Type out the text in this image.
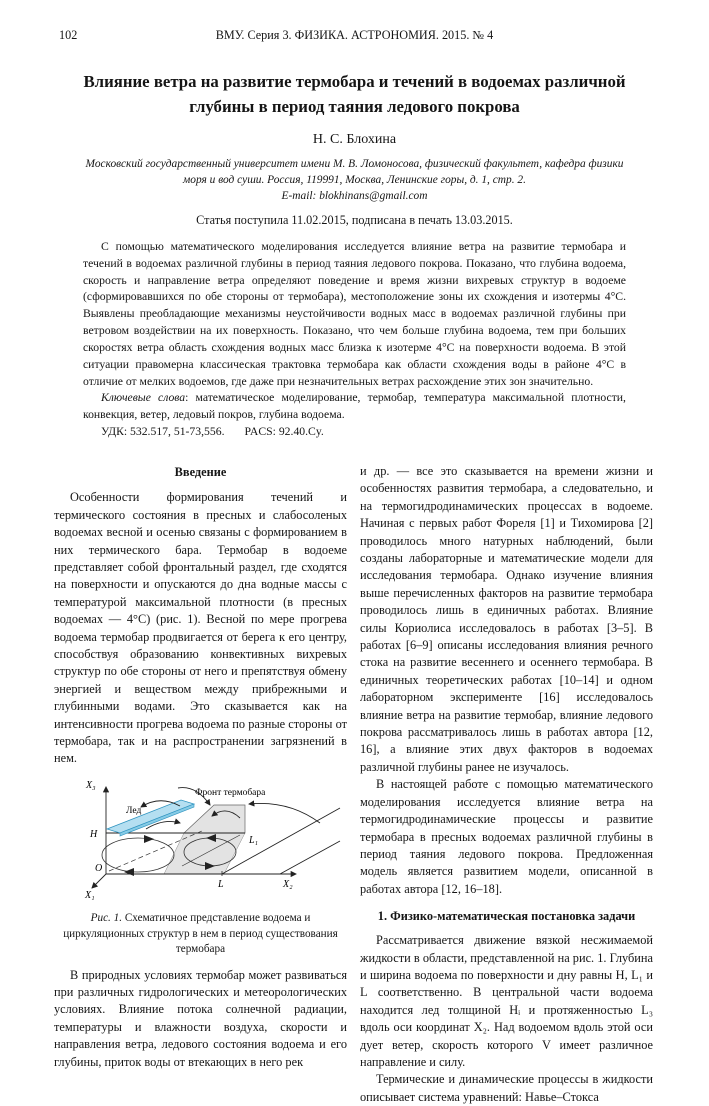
102	ВМУ. Серия 3. ФИЗИКА. АСТРОНОМИЯ. 2015. № 4
Влияние ветра на развитие термобара и течений в водоемах различной глубины в период таяния ледового покрова
Н. С. Блохина
Московский государственный университет имени М. В. Ломоносова, физический факультет, кафедра физики моря и вод суши. Россия, 119991, Москва, Ленинские горы, д. 1, стр. 2.
E-mail: blokhinans@gmail.com
Статья поступила 11.02.2015, подписана в печать 13.03.2015.

С помощью математического моделирования исследуется влияние ветра на развитие термобара и течений в водоемах различной глубины в период таяния ледового покрова. Показано, что глубина водоема, скорость и направление ветра определяют поведение и время жизни вихревых структур в водоеме (сформировавшихся по обе стороны от термобара), местоположение зоны их схождения и изотермы 4°С. Выявлены преобладающие механизмы неустойчивости водных масс в водоемах различной глубины при ветровом воздействии на их поверхность. Показано, что чем больше глубина водоема, тем при больших скоростях ветра область схождения водных масс близка к изотерме 4°С на поверхности водоема. В этой ситуации правомерна классическая трактовка термобара как области схождения воды в районе 4°С в отличие от мелких водоемов, где даже при незначительных ветрах расхождение этих зон значительно.

Ключевые слова: математическое моделирование, термобар, температура максимальной плотности, конвекция, ветер, ледовый покров, глубина водоема.

УДК: 532.517, 51-73,556. PACS: 92.40.Cy.

Введение

Особенности формирования течений и термического состояния в пресных и слабосоленых водоемах весной и осенью связаны с формированием в них термического бара. Термобар в водоеме представляет собой фронтальный раздел, где сходятся на поверхности и опускаются до дна водные массы с температурой максимальной плотности (в пресных водоемах — 4°С) (рис. 1). Весной по мере прогрева водоема термобар продвигается от берега к его центру, способствуя образованию конвективных вихревых структур по обе стороны от него и препятствуя обмену энергией и веществом между прибрежными и глубинными водами. Это сказывается как на интенсивности прогрева водоема по разные стороны от термобара, так и на распространении загрязнений в нем.

X₃
H
O
X₁
L	X₂
L₁
Лед
Фронт термобара
Рис. 1. Схематичное представление водоема и циркуляционных структур в нем в период существования термобара

В природных условиях термобар может развиваться при различных гидрологических и метеорологических условиях. Влияние потока солнечной радиации, температуры и влажности воздуха, скорости и направления ветра, ледового состояния водоема и его глубины, приток воды от втекающих в него рек

и др. — все это сказывается на времени жизни и особенностях развития термобара, а следовательно, и на термогидродинамических процессах в водоеме. Начиная с первых работ Фореля [1] и Тихомирова [2] проводилось много натурных наблюдений, были созданы лабораторные и математические модели для исследования термобара. Однако изучение влияния выше перечисленных факторов на развитие термобара проводилось лишь в единичных работах. Влияние силы Кориолиса исследовалось в работах [3–5]. В работах [6–9] описаны исследования влияния речного стока на развитие весеннего и осеннего термобара. В единичных теоретических работах [10–14] и одном лабораторном эксперименте [16] исследовалось влияние ветра на развитие термобар, влияние ледового покрова рассматривалось лишь в работах автора [12, 16], а влияние этих двух факторов в водоемах различной глубины ранее не изучалось.

В настоящей работе с помощью математического моделирования исследуется влияние ветра на термогидродинамические процессы и развитие термобара в пресных водоемах различной глубины в период таяния ледового покрова. Предложенная модель является развитием модели, описанной в работах автора [12, 16–18].

1. Физико-математическая постановка задачи

Рассматривается движение вязкой несжимаемой жидкости в области, представленной на рис. 1. Глубина и ширина водоема по поверхности и дну равны H, L₁ и L соответственно. В центральной части водоема находится лед толщиной Hᵢ и протяженностью L₃ вдоль оси координат X₂. Над водоемом вдоль этой оси дует ветер, скорость которого V имеет различное направление и силу.

Термические и динамические процессы в жидкости описывает система уравнений: Навье–Стокса
